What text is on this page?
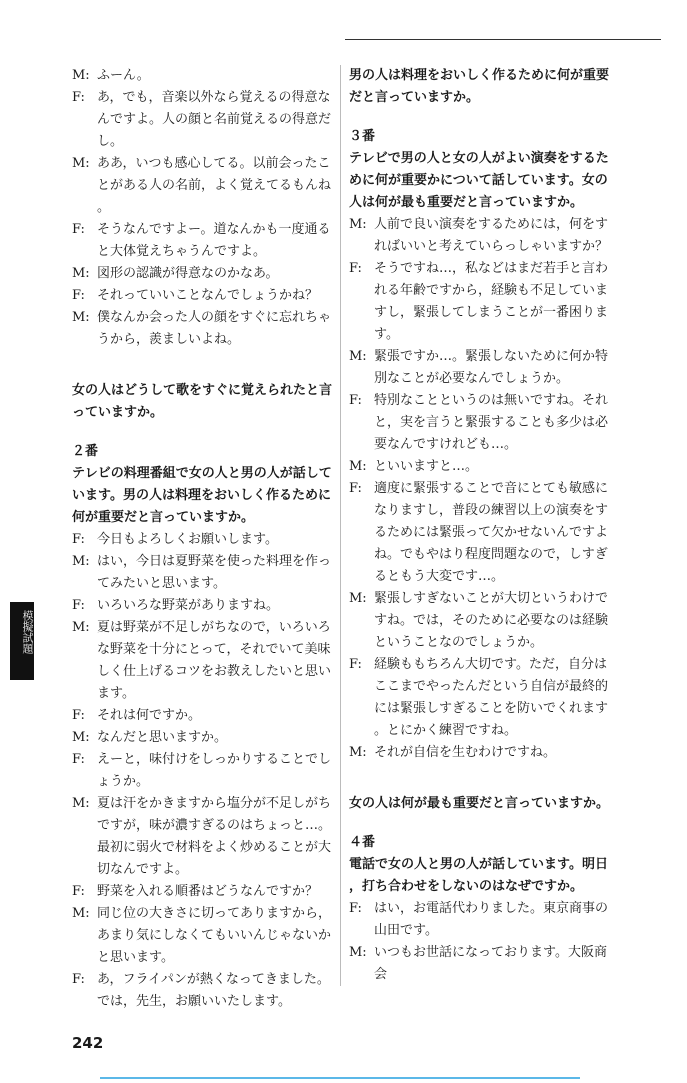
M: ふーん。
F: あ，でも，音楽以外なら覚えるの得意なんですよ。人の顔と名前覚えるの得意だし。
M: ああ，いつも感心してる。以前会ったことがある人の名前，よく覚えてるもんね。
F: そうなんですよー。道なんかも一度通ると大体覚えちゃうんですよ。
M: 図形の認識が得意なのかなあ。
F: それっていいことなんでしょうかね？
M: 僕なんか会った人の顔をすぐに忘れちゃうから，羨ましいよね。
女の人はどうして歌をすぐに覚えられたと言っていますか。
２番
テレビの料理番組で女の人と男の人が話しています。男の人は料理をおいしく作るために何が重要だと言っていますか。
F: 今日もよろしくお願いします。
M: はい，今日は夏野菜を使った料理を作ってみたいと思います。
F: いろいろな野菜がありますね。
M: 夏は野菜が不足しがちなので，いろいろな野菜を十分にとって，それでいて美味しく仕上げるコツをお教えしたいと思います。
F: それは何ですか。
M: なんだと思いますか。
F: えーと，味付けをしっかりすることでしょうか。
M: 夏は汗をかきますから塩分が不足しがちですが，味が濃すぎるのはちょっと…。最初に弱火で材料をよく炒めることが大切なんですよ。
F: 野菜を入れる順番はどうなんですか？
M: 同じ位の大きさに切ってありますから，あまり気にしなくてもいいんじゃないかと思います。
F: あ，フライパンが熱くなってきました。では，先生，お願いいたします。
男の人は料理をおいしく作るために何が重要だと言っていますか。
３番
テレビで男の人と女の人がよい演奏をするために何が重要かについて話しています。女の人は何が最も重要だと言っていますか。
M: 人前で良い演奏をするためには，何をすればいいと考えていらっしゃいますか？
F: そうですね…，私などはまだ若手と言われる年齢ですから，経験も不足していますし，緊張してしまうことが一番困ります。
M: 緊張ですか…。緊張しないために何か特別なことが必要なんでしょうか。
F: 特別なことというのは無いですね。それと，実を言うと緊張することも多少は必要なんですけれども…。
M: といいますと…。
F: 適度に緊張することで音にとても敏感になりますし，普段の練習以上の演奏をするためには緊張って欠かせないんですよね。でもやはり程度問題なので，しすぎるともう大変です…。
M: 緊張しすぎないことが大切というわけですね。では，そのために必要なのは経験ということなのでしょうか。
F: 経験ももちろん大切です。ただ，自分はここまでやったんだという自信が最終的には緊張しすぎることを防いでくれます。とにかく練習ですね。
M: それが自信を生むわけですね。
女の人は何が最も重要だと言っていますか。
４番
電話で女の人と男の人が話しています。明日，打ち合わせをしないのはなぜですか。
F: はい，お電話代わりました。東京商事の山田です。
M: いつもお世話になっております。大阪商会
242
模擬試題
